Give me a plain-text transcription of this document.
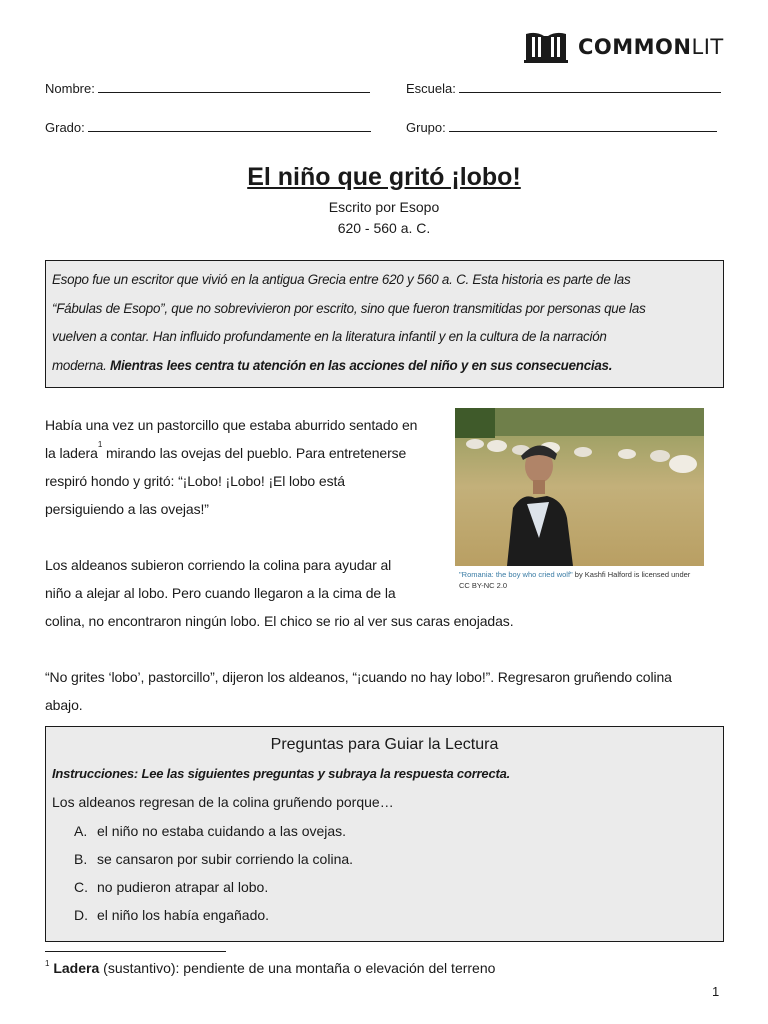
COMMONLIT
Nombre:	Escuela:
Grado:	Grupo:
El niño que gritó ¡lobo!
Escrito por Esopo
620 - 560 a. C.
Esopo fue un escritor que vivió en la antigua Grecia entre 620 y 560 a. C. Esta historia es parte de las
“Fábulas de Esopo”, que no sobrevivieron por escrito, sino que fueron transmitidas por personas que las
vuelven a contar. Han influido profundamente en la literatura infantil y en la cultura de la narración
moderna. Mientras lees centra tu atención en las acciones del niño y en sus consecuencias.
Había una vez un pastorcillo que estaba aburrido sentado en
la ladera$^1$ mirando las ovejas del pueblo. Para entretenerse
respiró hondo y gritó: “¡Lobo! ¡Lobo! ¡El lobo está
persiguiendo a las ovejas!”
"Romania: the boy who cried wolf" by Kashfi Halford is licensed under
CC BY-NC 2.0
Los aldeanos subieron corriendo la colina para ayudar al
niño a alejar al lobo. Pero cuando llegaron a la cima de la
colina, no encontraron ningún lobo. El chico se rio al ver sus caras enojadas.
“No grites ‘lobo’, pastorcillo”, dijeron los aldeanos, “¡cuando no hay lobo!”. Regresaron gruñendo colina
abajo.
Preguntas para Guiar la Lectura
Instrucciones: Lee las siguientes preguntas y subraya la respuesta correcta.
Los aldeanos regresan de la colina gruñendo porque…
A. el niño no estaba cuidando a las ovejas.
B. se cansaron por subir corriendo la colina.
C. no pudieron atrapar al lobo.
D. el niño los había engañado.
$^1$ Ladera (sustantivo): pendiente de una montaña o elevación del terreno
1
